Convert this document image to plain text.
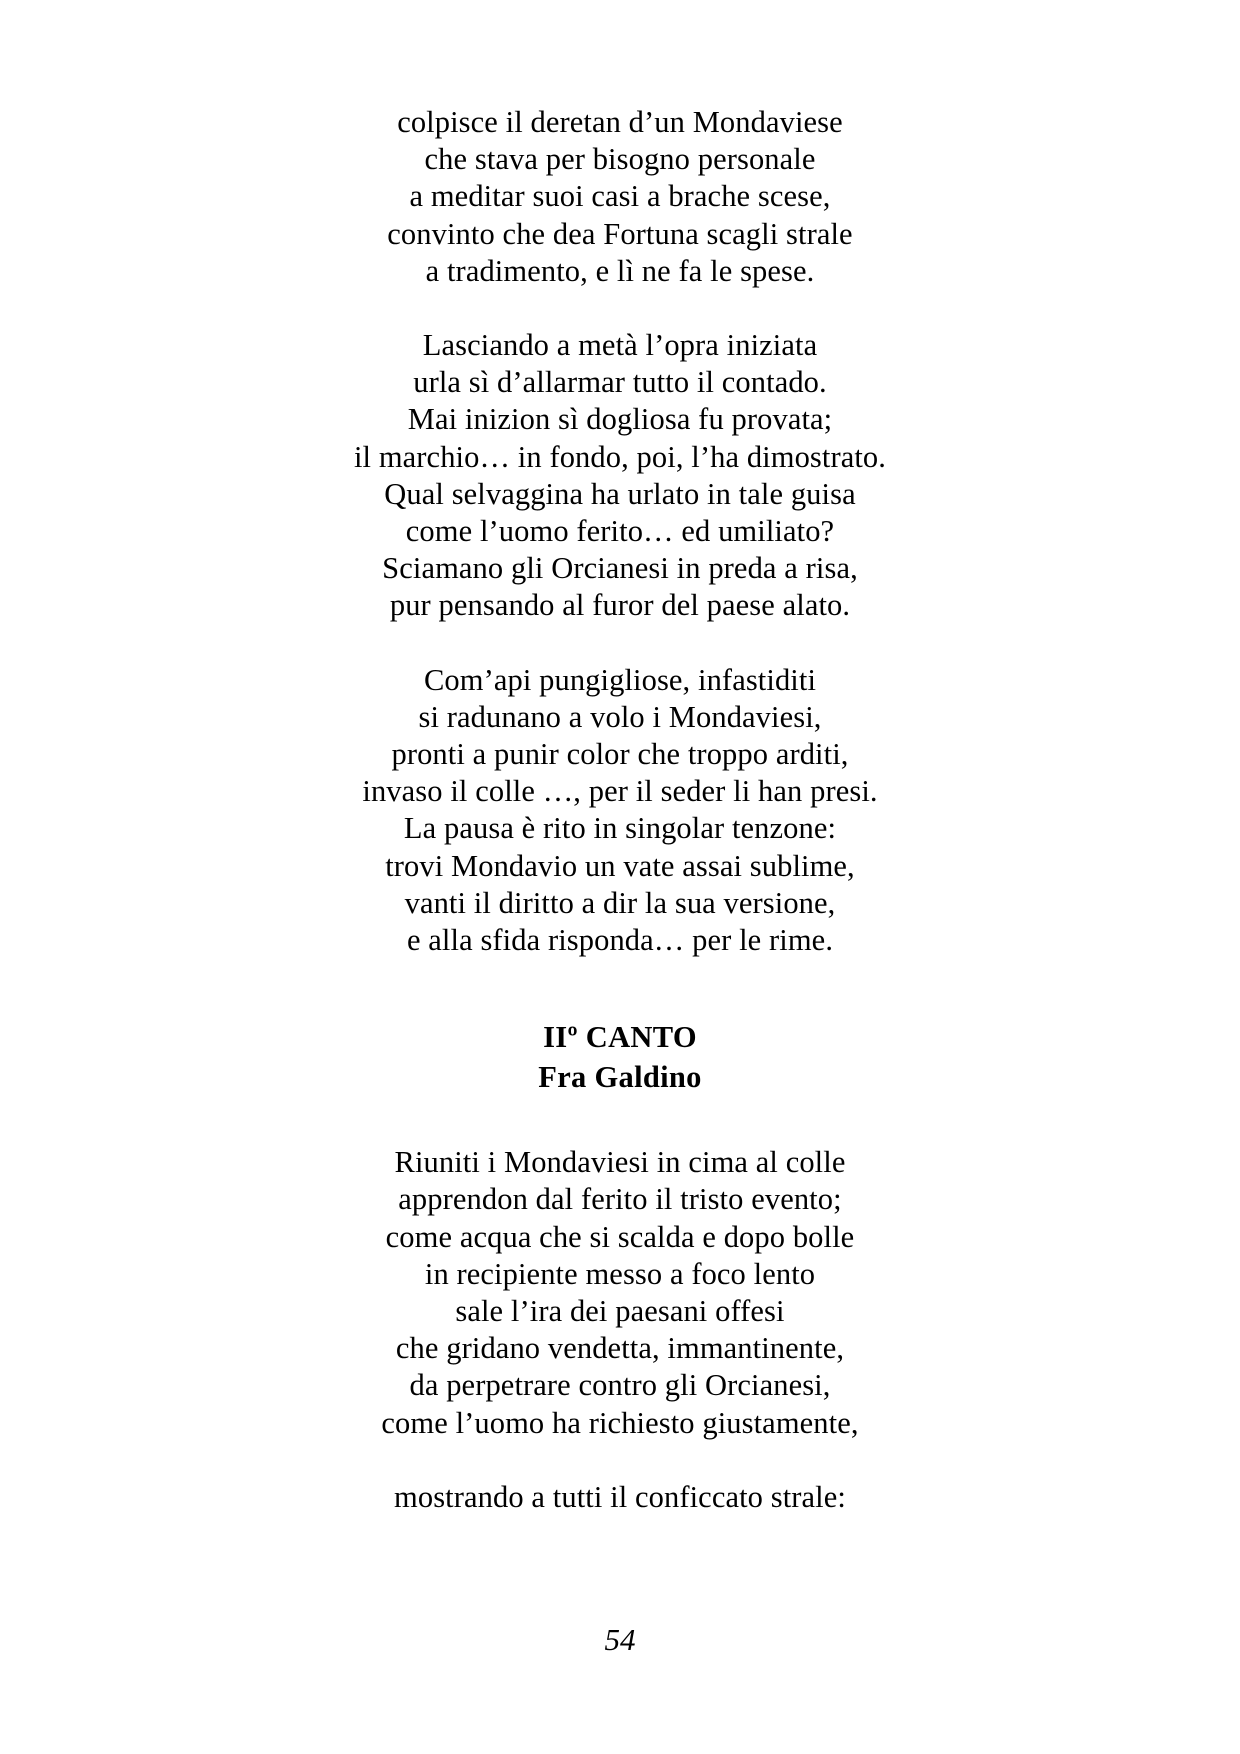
colpisce il deretan d’un Mondaviese
che stava per bisogno personale
a meditar suoi casi a brache scese,
convinto che dea Fortuna scagli strale
a tradimento, e lì ne fa le spese.
Lasciando a metà l’opra iniziata
urla sì d’allarmar tutto il contado.
Mai inizion sì dogliosa fu provata;
il marchio… in fondo, poi, l’ha dimostrato.
Qual selvaggina ha urlato in tale guisa
come l’uomo ferito… ed umiliato?
Sciamano gli Orcianesi in preda a risa,
pur pensando al furor del paese alato.
Com’api pungigliose, infastiditi
si radunano a volo i Mondaviesi,
pronti a punir color che troppo arditi,
invaso il colle …, per il seder li han presi.
La pausa è rito in singolar tenzone:
trovi Mondavio un vate assai sublime,
vanti il diritto a dir la sua versione,
e alla sfida risponda… per le rime.
IIº CANTO
Fra Galdino
Riuniti i Mondaviesi in cima al colle
apprendon dal ferito il tristo evento;
come acqua che si scalda e dopo bolle
in recipiente messo a foco lento
sale l’ira dei paesani offesi
che gridano vendetta, immantinente,
da perpetrare contro gli Orcianesi,
come l’uomo ha richiesto giustamente,
mostrando a tutti il conficcato strale:
54
